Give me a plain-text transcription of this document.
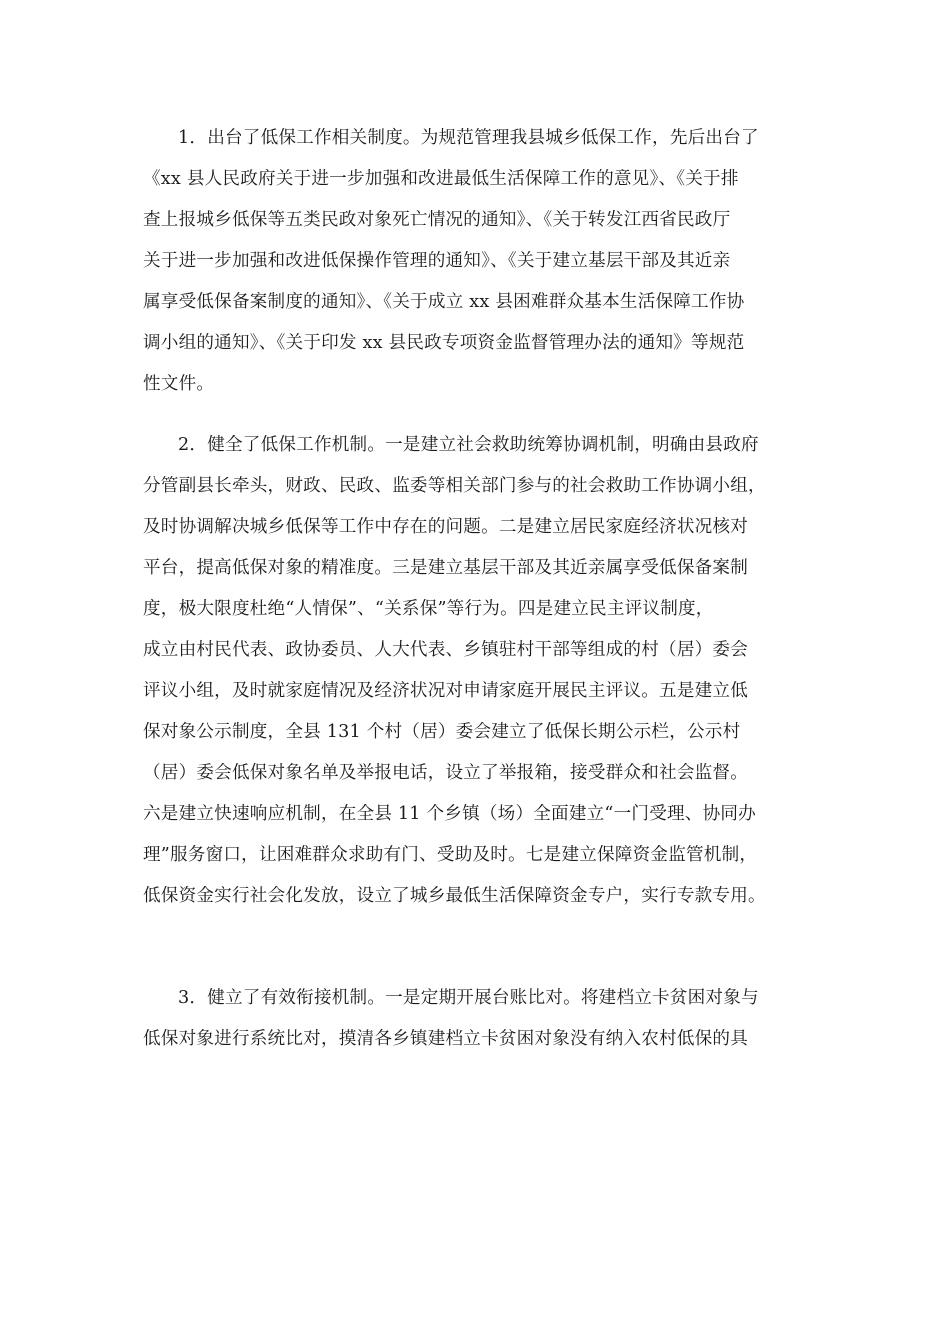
1．出台了低保工作相关制度。为规范管理我县城乡低保工作，先后出台了
《xx 县人民政府关于进一步加强和改进最低生活保障工作的意见》、《关于排
查上报城乡低保等五类民政对象死亡情况的通知》、《关于转发江西省民政厅
关于进一步加强和改进低保操作管理的通知》、《关于建立基层干部及其近亲
属享受低保备案制度的通知》、《关于成立 xx 县困难群众基本生活保障工作协
调小组的通知》、《关于印发 xx 县民政专项资金监督管理办法的通知》等规范
性文件。
2．健全了低保工作机制。一是建立社会救助统筹协调机制，明确由县政府
分管副县长牵头，财政、民政、监委等相关部门参与的社会救助工作协调小组，
及时协调解决城乡低保等工作中存在的问题。二是建立居民家庭经济状况核对
平台，提高低保对象的精准度。三是建立基层干部及其近亲属享受低保备案制
度，极大限度杜绝“人情保”、“关系保”等行为。四是建立民主评议制度，
成立由村民代表、政协委员、人大代表、乡镇驻村干部等组成的村（居）委会
评议小组，及时就家庭情况及经济状况对申请家庭开展民主评议。五是建立低
保对象公示制度，全县 131 个村（居）委会建立了低保长期公示栏，公示村
（居）委会低保对象名单及举报电话，设立了举报箱，接受群众和社会监督。
六是建立快速响应机制，在全县 11 个乡镇（场）全面建立“一门受理、协同办
理”服务窗口，让困难群众求助有门、受助及时。七是建立保障资金监管机制，
低保资金实行社会化发放，设立了城乡最低生活保障资金专户，实行专款专用。
3．健立了有效衔接机制。一是定期开展台账比对。将建档立卡贫困对象与
低保对象进行系统比对，摸清各乡镇建档立卡贫困对象没有纳入农村低保的具
